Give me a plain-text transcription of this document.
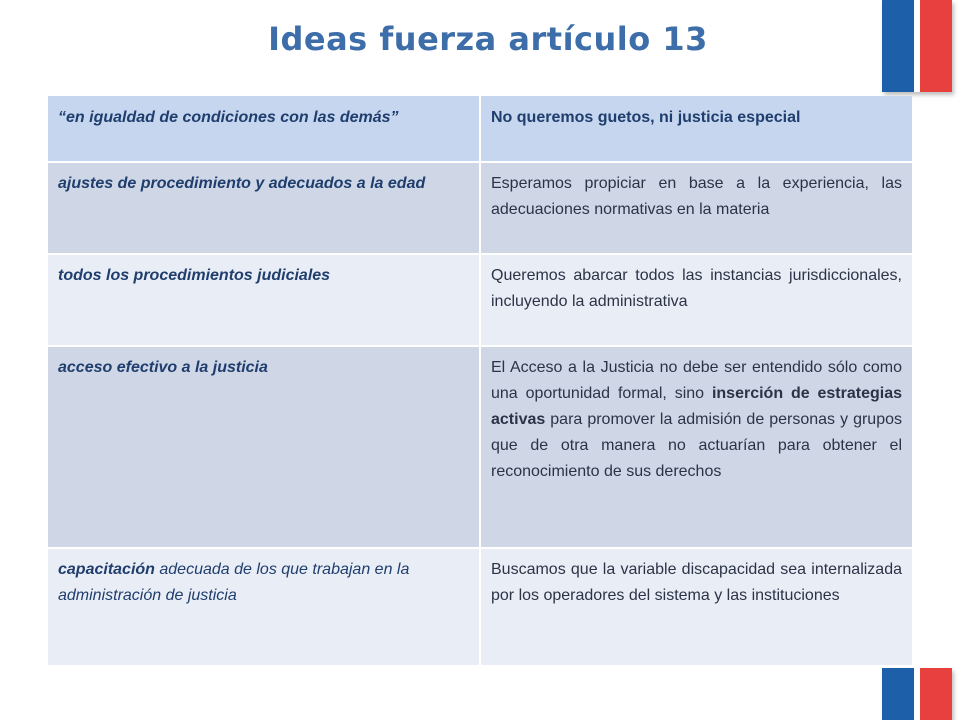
Ideas fuerza artículo 13
“en igualdad de condiciones con las demás”	No queremos guetos, ni justicia especial
ajustes de procedimiento y adecuados a la edad	Esperamos propiciar en base a la experiencia, las adecuaciones normativas en la materia
todos los procedimientos judiciales	Queremos abarcar todos las instancias jurisdiccionales, incluyendo la administrativa
acceso efectivo a la justicia	El Acceso a la Justicia no debe ser entendido sólo como una oportunidad formal, sino inserción de estrategias activas para promover la admisión de personas y grupos que de otra manera no actuarían para obtener el reconocimiento de sus derechos
capacitación adecuada de los que trabajan en la administración de justicia	Buscamos que la variable discapacidad sea internalizada por los operadores del sistema y las instituciones
